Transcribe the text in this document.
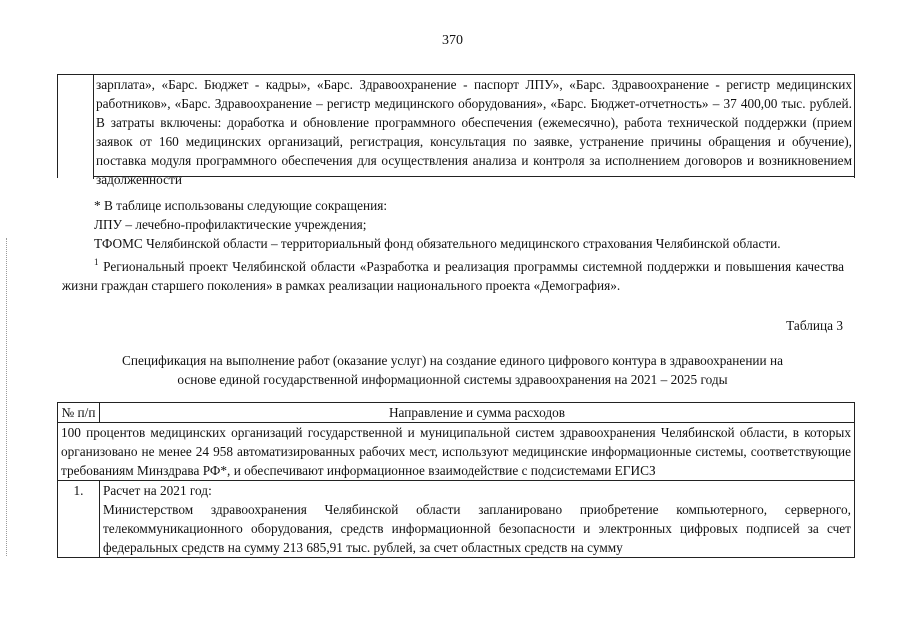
370
зарплата», «Барс. Бюджет - кадры», «Барс. Здравоохранение - паспорт ЛПУ», «Барс. Здравоохранение - регистр медицинских работников», «Барс. Здравоохранение – регистр медицинского оборудования», «Барс. Бюджет-отчетность» – 37 400,00 тыс. рублей. В затраты включены: доработка и обновление программного обеспечения (ежемесячно), работа технической поддержки (прием заявок от 160 медицинских организаций, регистрация, консультация по заявке, устранение причины обращения и обучение), поставка модуля программного обеспечения для осуществления анализа и контроля за исполнением договоров и возникновением задолженности

* В таблице использованы следующие сокращения:

ЛПУ – лечебно-профилактические учреждения;

ТФОМС Челябинской области – территориальный фонд обязательного медицинского страхования Челябинской области.

$^1$ Региональный проект Челябинской области «Разработка и реализация программы системной поддержки и повышения качества жизни граждан старшего поколения» в рамках реализации национального проекта «Демография».

Таблица 3
Спецификация на выполнение работ (оказание услуг) на создание единого цифрового контура в здравоохранении на
основе единой государственной информационной системы здравоохранения на 2021 – 2025 годы
№ п/п	Направление и сумма расходов
100 процентов медицинских организаций государственной и муниципальной систем здравоохранения Челябинской области, в которых организовано не менее 24 958 автоматизированных рабочих мест, используют медицинские информационные системы, соответствующие требованиям Минздрава РФ*, и обеспечивают информационное взаимодействие с подсистемами ЕГИСЗ	
1.	Расчет на 2021 год:
Министерством здравоохранения Челябинской области запланировано приобретение компьютерного, серверного, телекоммуникационного оборудования, средств информационной безопасности и электронных цифровых подписей за счет федеральных средств на сумму 213 685,91 тыс. рублей, за счет областных средств на сумму
